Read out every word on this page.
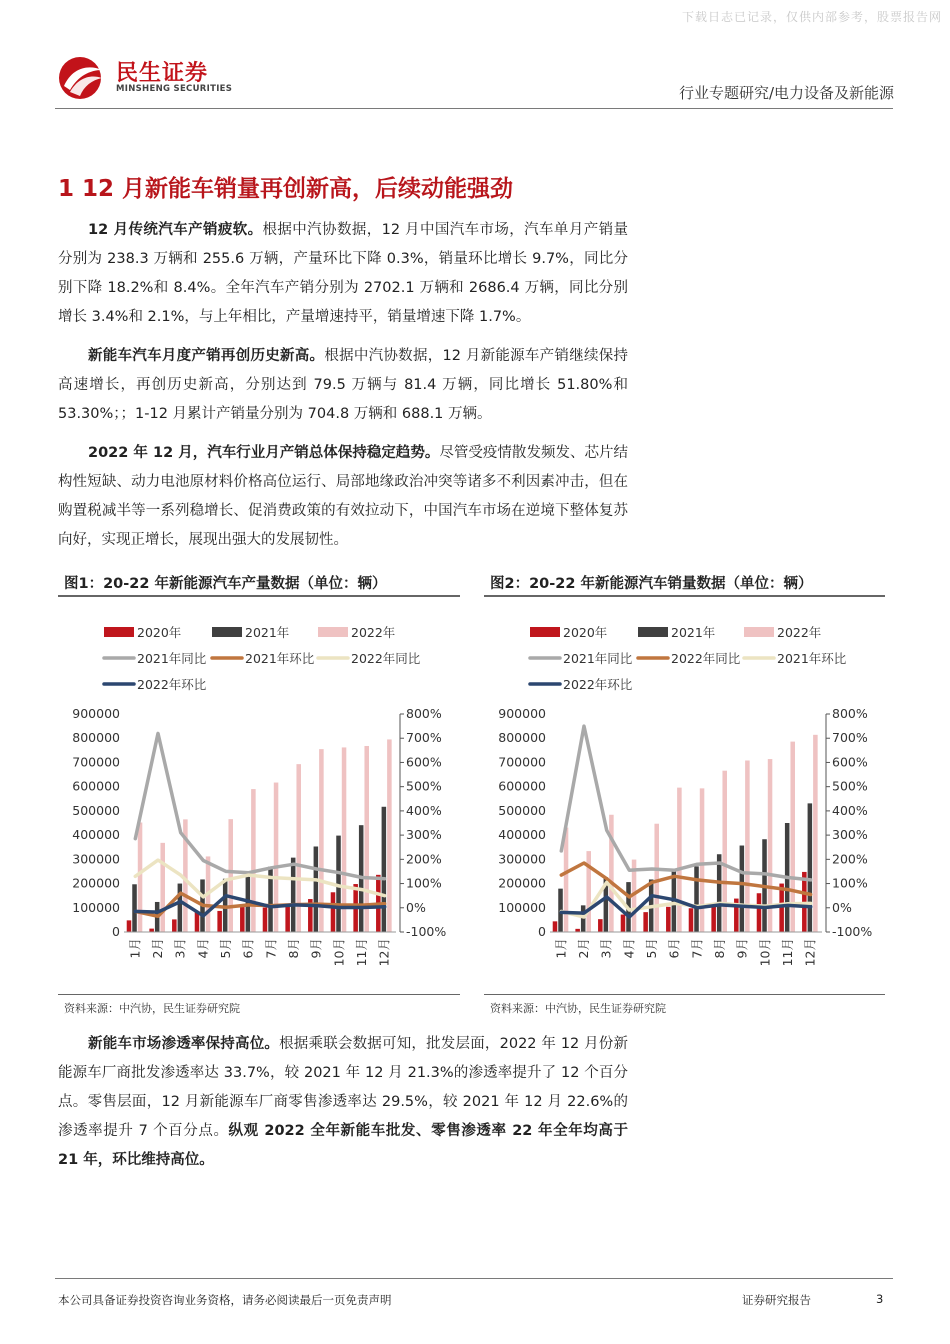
下载日志已记录，仅供内部参考，股票报告网
民生证券
MINSHENG SECURITIES	行业专题研究/电力设备及新能源
1 12 月新能车销量再创新高，后续动能强劲

12 月传统汽车产销疲软。根据中汽协数据，12 月中国汽车市场，汽车单月产销量分别为 238.3 万辆和 255.6 万辆，产量环比下降 0.3%，销量环比增长 9.7%，同比分别下降 18.2%和 8.4%。全年汽车产销分别为 2702.1 万辆和 2686.4 万辆，同比分别增长 3.4%和 2.1%，与上年相比，产量增速持平，销量增速下降 1.7%。

新能车汽车月度产销再创历史新高。根据中汽协数据，12 月新能源车产销继续保持高速增长，再创历史新高，分别达到 79.5 万辆与 81.4 万辆，同比增长 51.80%和 53.30%；；1-12 月累计产销量分别为 704.8 万辆和 688.1 万辆。

2022 年 12 月，汽车行业月产销总体保持稳定趋势。尽管受疫情散发频发、芯片结构性短缺、动力电池原材料价格高位运行、局部地缘政治冲突等诸多不利因素冲击，但在购置税减半等一系列稳增长、促消费政策的有效拉动下，中国汽车市场在逆境下整体复苏向好，实现正增长，展现出强大的发展韧性。

图1：20-22 年新能源汽车产量数据（单位：辆）	图2：20-22 年新能源汽车销量数据（单位：辆）
2020年	2021年	2022年
2021年同比	2021年环比	2022年同比
2022年环比
0
100000
200000
300000
400000
500000
600000
700000
800000
900000
-100%
0%
100%
200%
300%
400%
500%
600%
700%
800%
1月 2月 3月 4月 5月 6月 7月 8月 9月 10月 11月 12月
2020年	2021年	2022年
2021年同比	2022年同比	2021年环比
2022年环比
0
100000
200000
300000
400000
500000
600000
700000
800000
900000
-100%
0%
100%
200%
300%
400%
500%
600%
700%
800%
1月 2月 3月 4月 5月 6月 7月 8月 9月 10月 11月 12月
资料来源：中汽协，民生证券研究院	资料来源：中汽协，民生证券研究院

新能车市场渗透率保持高位。根据乘联会数据可知，批发层面，2022 年 12 月份新能源车厂商批发渗透率达 33.7%，较 2021 年 12 月 21.3%的渗透率提升了 12 个百分点。零售层面，12 月新能源车厂商零售渗透率达 29.5%，较 2021 年 12 月 22.6%的渗透率提升 7 个百分点。纵观 2022 全年新能车批发、零售渗透率 22 年全年均高于 21 年，环比维持高位。

本公司具备证券投资咨询业务资格，请务必阅读最后一页免责声明	证券研究报告	3
